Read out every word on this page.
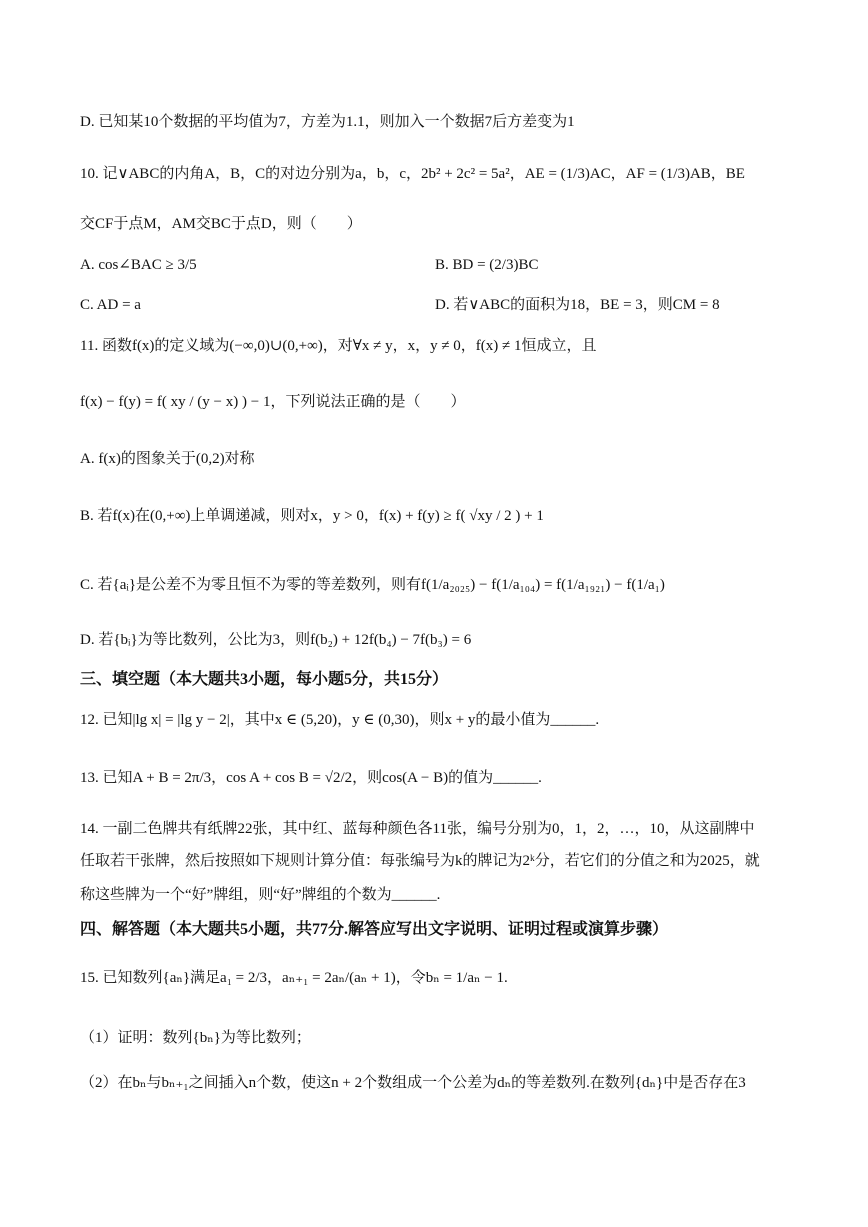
D. 已知某10个数据的平均值为7，方差为1.1，则加入一个数据7后方差变为1
10. 记∨ABC的内角A，B，C的对边分别为a，b，c，2b² + 2c² = 5a²，AE = (1/3)AC，AF = (1/3)AB，BE
交CF于点M，AM交BC于点D，则（　　）
A. cos∠BAC ≥ 3/5	B. BD = (2/3)BC
C. AD = a	D. 若∨ABC的面积为18，BE = 3，则CM = 8
11. 函数f(x)的定义域为(−∞,0)∪(0,+∞)，对∀x ≠ y，x，y ≠ 0，f(x) ≠ 1恒成立，且
f(x) − f(y) = f( xy / (y − x) ) − 1，下列说法正确的是（　　）
A. f(x)的图象关于(0,2)对称
B. 若f(x)在(0,+∞)上单调递减，则对x，y > 0，f(x) + f(y) ≥ f( √xy / 2 ) + 1
C. 若{aᵢ}是公差不为零且恒不为零的等差数列，则有f(1/a₂₀₂₅) − f(1/a₁₀₄) = f(1/a₁₉₂₁) − f(1/a₁)
D. 若{bᵢ}为等比数列，公比为3，则f(b₂) + 12f(b₄) − 7f(b₃) = 6
三、填空题（本大题共3小题，每小题5分，共15分）
12. 已知|lg x| = |lg y − 2|，其中x ∈ (5,20)，y ∈ (0,30)，则x + y的最小值为______.
13. 已知A + B = 2π/3，cos A + cos B = √2/2，则cos(A − B)的值为______.
14. 一副二色牌共有纸牌22张，其中红、蓝每种颜色各11张，编号分别为0，1，2，…，10，从这副牌中
任取若干张牌，然后按照如下规则计算分值：每张编号为k的牌记为2ᵏ分，若它们的分值之和为2025，就
称这些牌为一个“好”牌组，则“好”牌组的个数为______.
四、解答题（本大题共5小题，共77分.解答应写出文字说明、证明过程或演算步骤）
15. 已知数列{aₙ}满足a₁ = 2/3，aₙ₊₁ = 2aₙ/(aₙ + 1)，令bₙ = 1/aₙ − 1.
（1）证明：数列{bₙ}为等比数列；
（2）在bₙ与bₙ₊₁之间插入n个数，使这n + 2个数组成一个公差为dₙ的等差数列.在数列{dₙ}中是否存在3
